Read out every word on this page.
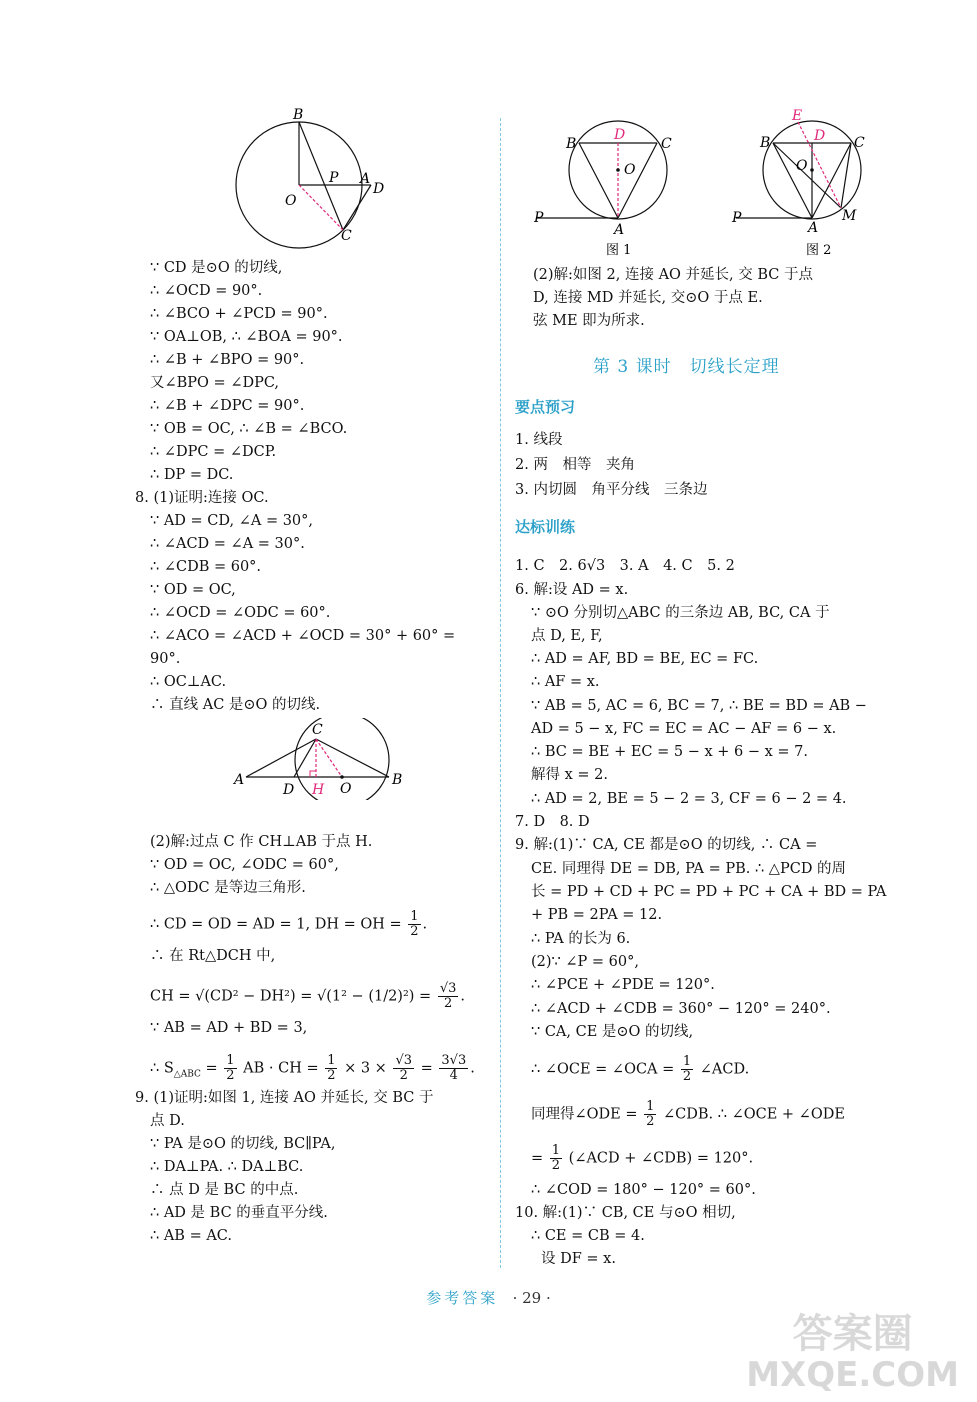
B
O
P A
D
C
∵ CD 是⊙O 的切线,
∴ ∠OCD = 90°.
∴ ∠BCO + ∠PCD = 90°.
∵ OA⊥OB, ∴ ∠BOA = 90°.
∴ ∠B + ∠BPO = 90°.
又∠BPO = ∠DPC,
∴ ∠B + ∠DPC = 90°.
∵ OB = OC, ∴ ∠B = ∠BCO.
∴ ∠DPC = ∠DCP.
∴ DP = DC.
8. (1)证明:连接 OC.
∵ AD = CD, ∠A = 30°,
∴ ∠ACD = ∠A = 30°.
∴ ∠CDB = 60°.
∵ OD = OC,
∴ ∠OCD = ∠ODC = 60°.
∴ ∠ACO = ∠ACD + ∠OCD = 30° + 60° =
90°.
∴ OC⊥AC.
∴ 直线 AC 是⊙O 的切线.
C
A
D H O
B
(2)解:过点 C 作 CH⊥AB 于点 H.
∵ OD = OC, ∠ODC = 60°,
∴ △ODC 是等边三角形.
∴ CD = OD = AD = 1, DH = OH = $\frac{1}{2}$ .
∴ 在 Rt△DCH 中,
CH = $√(CD^2 - DH^2) = √(1^2 - (1/2)^2) = \frac{√3}{2}$ .
∵ AB = AD + BD = 3,
∴ $S_{\triangle ABC} = \frac{1}{2}$ AB · CH = $\frac{1}{2} \times 3 \times \frac{√3}{2} = \frac{3√3}{4}$ .
9. (1)证明:如图 1, 连接 AO 并延长, 交 BC 于
点 D.
∵ PA 是⊙O 的切线, BC∥PA,
∴ DA⊥PA. ∴ DA⊥BC.
∴ 点 D 是 BC 的中点.
∴ AD 是 BC 的垂直平分线.
∴ AB = AC.
B
D
C
O
P
A
图 1
E
B	D C
O
P
A
M
图 2
(2)解:如图 2, 连接 AO 并延长, 交 BC 于点
D, 连接 MD 并延长, 交⊙O 于点 E.
弦 ME 即为所求.
第 3 课时　切线长定理
要点预习
1. 线段
2. 两　相等　夹角
3. 内切圆　角平分线　三条边
达标训练
1. C　2. 6√3　3. A　4. C　5. 2
6. 解:设 AD = x.
∵ ⊙O 分别切△ABC 的三条边 AB, BC, CA 于
点 D, E, F,
∴ AD = AF, BD = BE, EC = FC.
∴ AF = x.
∵ AB = 5, AC = 6, BC = 7, ∴ BE = BD = AB −
AD = 5 − x, FC = EC = AC − AF = 6 − x.
∴ BC = BE + EC = 5 − x + 6 − x = 7.
解得 x = 2.
∴ AD = 2, BE = 5 − 2 = 3, CF = 6 − 2 = 4.
7. D　8. D
9. 解:(1)∵ CA, CE 都是⊙O 的切线, ∴ CA =
CE. 同理得 DE = DB, PA = PB. ∴ △PCD 的周
长 = PD + CD + PC = PD + PC + CA + BD = PA
+ PB = 2PA = 12.
∴ PA 的长为 6.
(2)∵ ∠P = 60°,
∴ ∠PCE + ∠PDE = 120°.
∴ ∠ACD + ∠CDB = 360° − 120° = 240°.
∵ CA, CE 是⊙O 的切线,
∴ ∠OCE = ∠OCA = $\frac{1}{2}$ ∠ACD.
同理得∠ODE = $\frac{1}{2}$ ∠CDB. ∴ ∠OCE + ∠ODE
= $\frac{1}{2}$ (∠ACD + ∠CDB) = 120°.
∴ ∠COD = 180° − 120° = 60°.
10. 解:(1)∵ CB, CE 与⊙O 相切,
∴ CE = CB = 4.
设 DF = x.
参考答案 · 29 ·
答案圈
MXQE.COM
